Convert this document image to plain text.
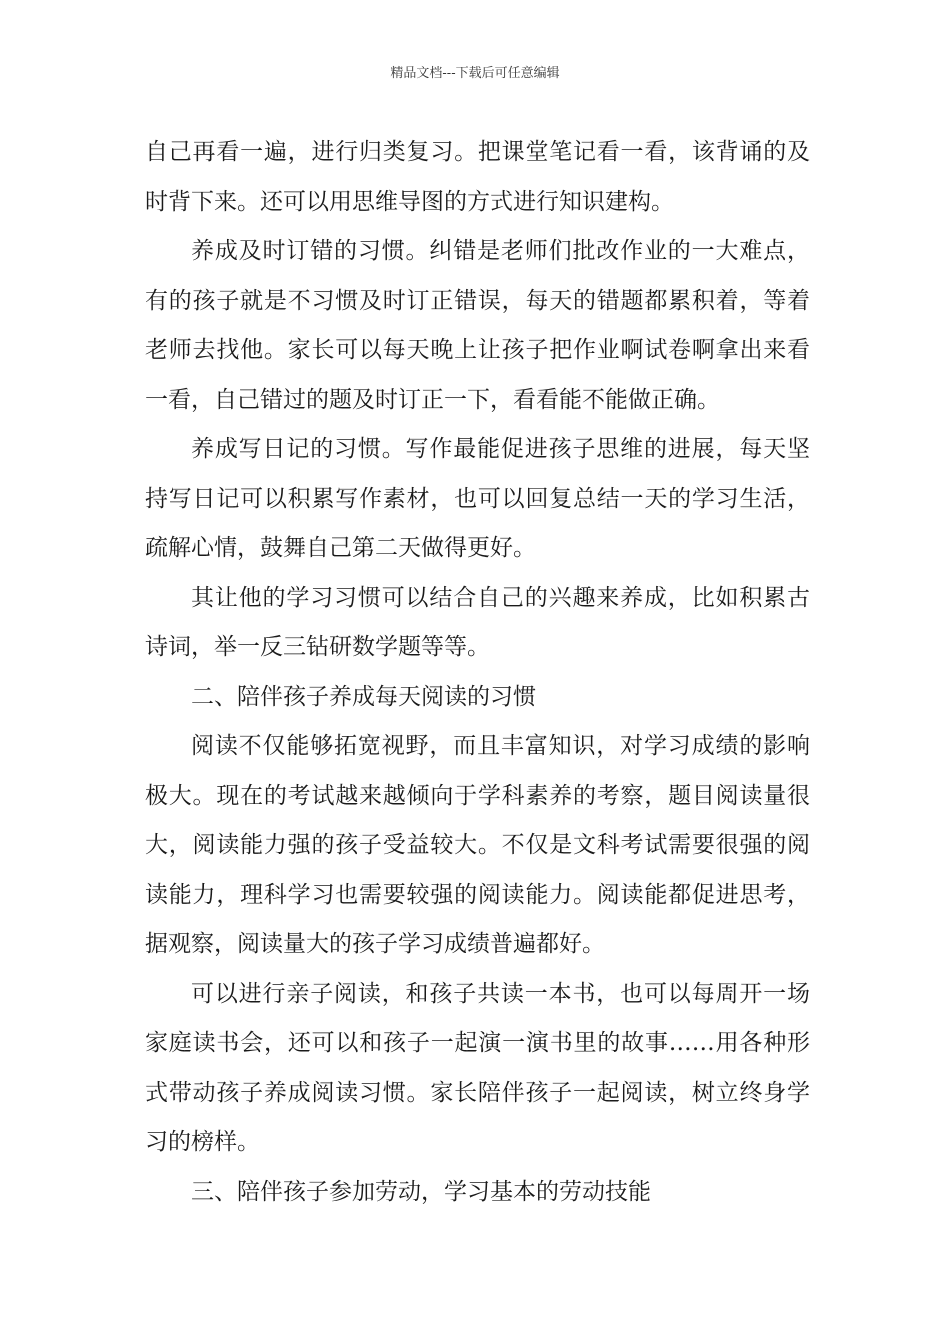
精品文档---下载后可任意编辑

自己再看一遍，进行归类复习。把课堂笔记看一看，该背诵的及时背下来。还可以用思维导图的方式进行知识建构。

养成及时订错的习惯。纠错是老师们批改作业的一大难点，有的孩子就是不习惯及时订正错误，每天的错题都累积着，等着老师去找他。家长可以每天晚上让孩子把作业啊试卷啊拿出来看一看，自己错过的题及时订正一下，看看能不能做正确。

养成写日记的习惯。写作最能促进孩子思维的进展，每天坚持写日记可以积累写作素材，也可以回复总结一天的学习生活，疏解心情，鼓舞自己第二天做得更好。

其让他的学习习惯可以结合自己的兴趣来养成，比如积累古诗词，举一反三钻研数学题等等。

二、陪伴孩子养成每天阅读的习惯

阅读不仅能够拓宽视野，而且丰富知识，对学习成绩的影响极大。现在的考试越来越倾向于学科素养的考察，题目阅读量很大，阅读能力强的孩子受益较大。不仅是文科考试需要很强的阅读能力，理科学习也需要较强的阅读能力。阅读能都促进思考，据观察，阅读量大的孩子学习成绩普遍都好。

可以进行亲子阅读，和孩子共读一本书，也可以每周开一场家庭读书会，还可以和孩子一起演一演书里的故事……用各种形式带动孩子养成阅读习惯。家长陪伴孩子一起阅读，树立终身学习的榜样。

三、陪伴孩子参加劳动，学习基本的劳动技能
